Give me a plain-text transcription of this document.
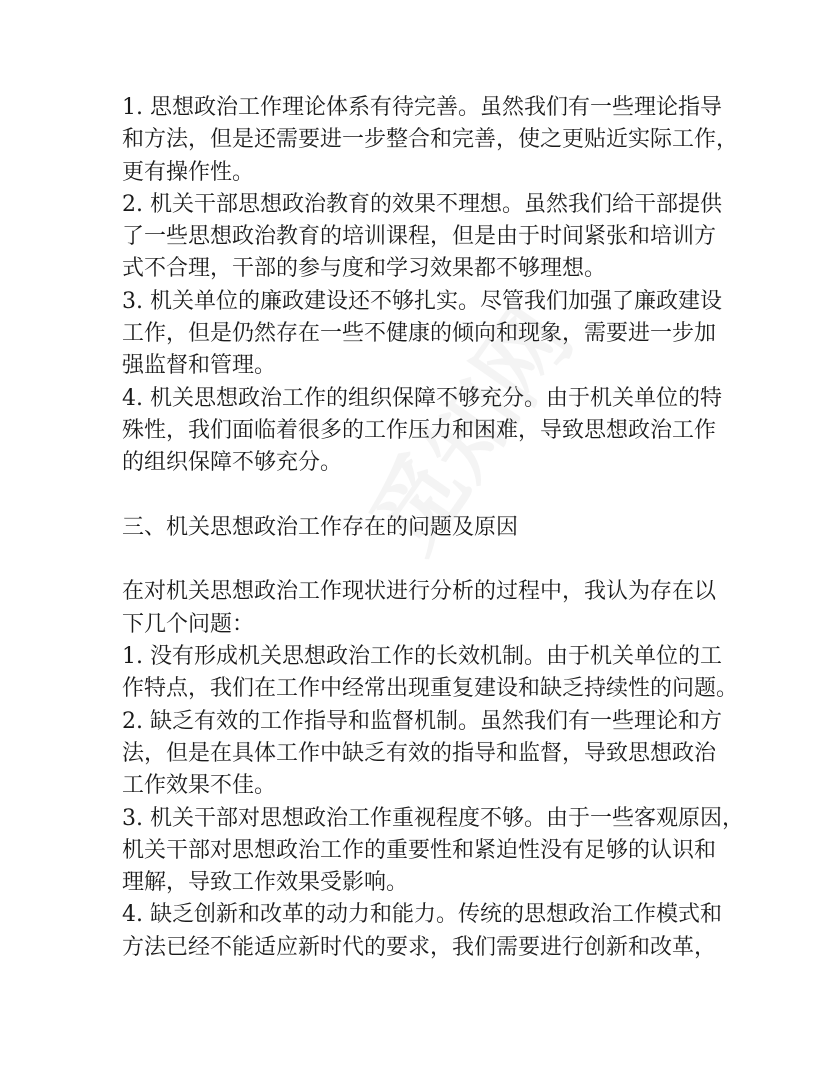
1. 思想政治工作理论体系有待完善。虽然我们有一些理论指导
和方法，但是还需要进一步整合和完善，使之更贴近实际工作，
更有操作性。
2. 机关干部思想政治教育的效果不理想。虽然我们给干部提供
了一些思想政治教育的培训课程，但是由于时间紧张和培训方
式不合理，干部的参与度和学习效果都不够理想。
3. 机关单位的廉政建设还不够扎实。尽管我们加强了廉政建设
工作，但是仍然存在一些不健康的倾向和现象，需要进一步加
强监督和管理。
4. 机关思想政治工作的组织保障不够充分。由于机关单位的特
殊性，我们面临着很多的工作压力和困难，导致思想政治工作
的组织保障不够充分。
三、机关思想政治工作存在的问题及原因
在对机关思想政治工作现状进行分析的过程中，我认为存在以
下几个问题：
1. 没有形成机关思想政治工作的长效机制。由于机关单位的工
作特点，我们在工作中经常出现重复建设和缺乏持续性的问题。
2. 缺乏有效的工作指导和监督机制。虽然我们有一些理论和方
法，但是在具体工作中缺乏有效的指导和监督，导致思想政治
工作效果不佳。
3. 机关干部对思想政治工作重视程度不够。由于一些客观原因，
机关干部对思想政治工作的重要性和紧迫性没有足够的认识和
理解，导致工作效果受影响。
4. 缺乏创新和改革的动力和能力。传统的思想政治工作模式和
方法已经不能适应新时代的要求，我们需要进行创新和改革，
